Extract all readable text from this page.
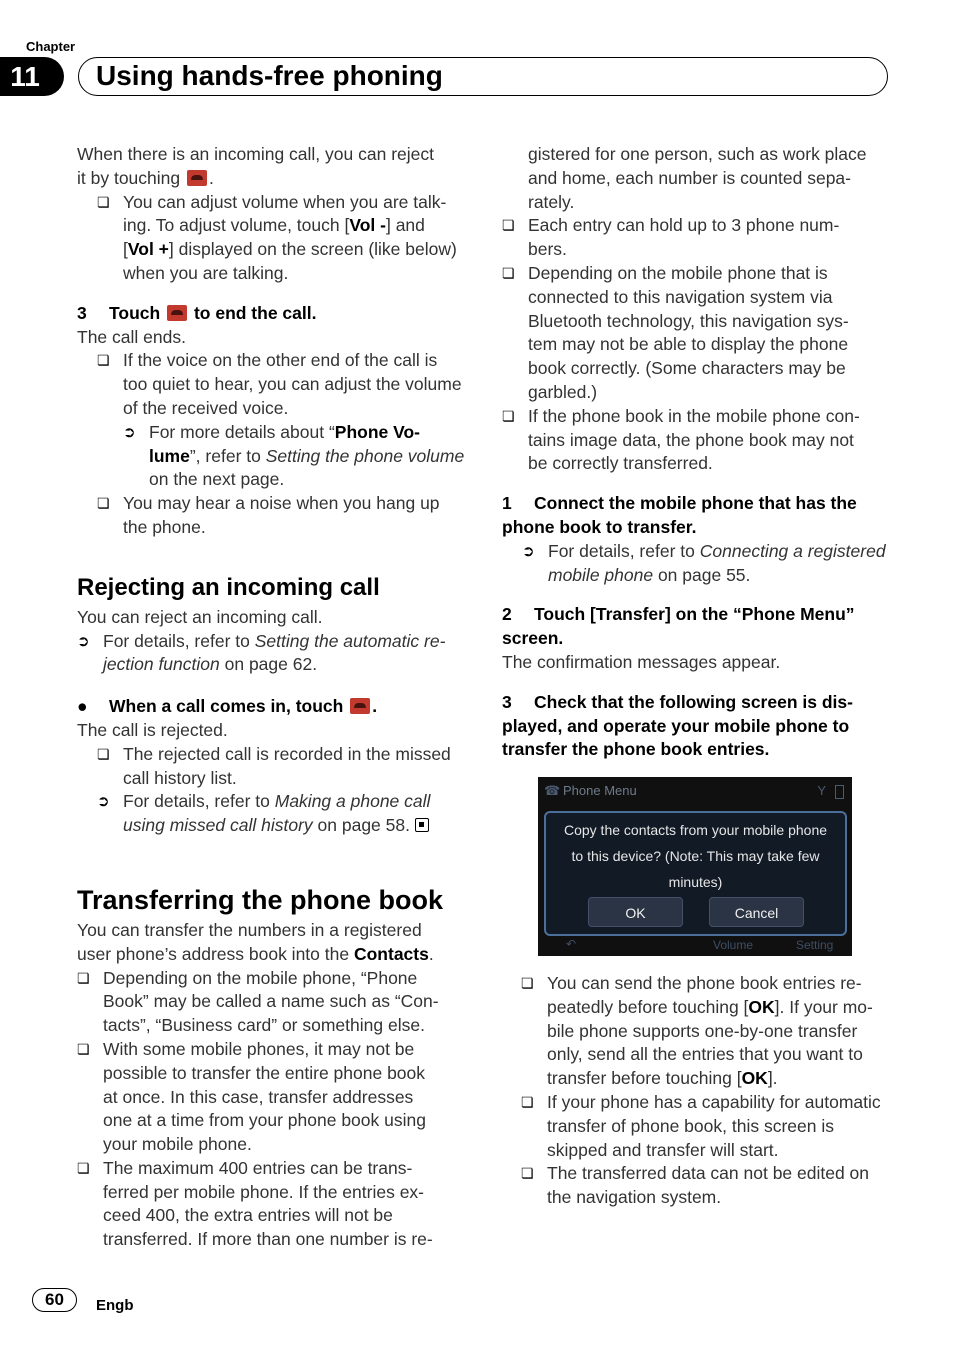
Chapter
11	Using hands-free phoning

When there is an incoming call, you can reject
it by touching .

❏ You can adjust volume when you are talk-
ing. To adjust volume, touch [Vol -] and
[Vol +] displayed on the screen (like below)
when you are talking.

3 Touch to end the call.

The call ends.

❏ If the voice on the other end of the call is
too quiet to hear, you can adjust the volume
of the received voice.

➲ For more details about “Phone Vo-
lume”, refer to Setting the phone volume
on the next page.

❏ You may hear a noise when you hang up
the phone.

Rejecting an incoming call

You can reject an incoming call.

➲ For details, refer to Setting the automatic re-
jection function on page 62.

● When a call comes in, touch .

The call is rejected.

❏ The rejected call is recorded in the missed
call history list.

➲ For details, refer to Making a phone call
using missed call history on page 58.

Transferring the phone book

You can transfer the numbers in a registered
user phone’s address book into the Contacts.

❏ Depending on the mobile phone, “Phone
Book” may be called a name such as “Con-
tacts”, “Business card” or something else.

❏ With some mobile phones, it may not be
possible to transfer the entire phone book
at once. In this case, transfer addresses
one at a time from your phone book using
your mobile phone.

❏ The maximum 400 entries can be trans-
ferred per mobile phone. If the entries ex-
ceed 400, the extra entries will not be
transferred. If more than one number is re-

gistered for one person, such as work place
and home, each number is counted sepa-
rately.

❏ Each entry can hold up to 3 phone num-
bers.

❏ Depending on the mobile phone that is
connected to this navigation system via
Bluetooth technology, this navigation sys-
tem may not be able to display the phone
book correctly. (Some characters may be
garbled.)

❏ If the phone book in the mobile phone con-
tains image data, the phone book may not
be correctly transferred.

1 Connect the mobile phone that has the
phone book to transfer.

➲ For details, refer to Connecting a registered
mobile phone on page 55.

2 Touch [Transfer] on the “Phone Menu”
screen.

The confirmation messages appear.

3 Check that the following screen is dis-
played, and operate your mobile phone to
transfer the phone book entries.

☎ Phone Menu	Y
Copy the contacts from your mobile phone
to this device? (Note: This may take few
minutes)
OK	Cancel
↶	Volume	Setting

❏ You can send the phone book entries re-
peatedly before touching [OK]. If your mo-
bile phone supports one-by-one transfer
only, send all the entries that you want to
transfer before touching [OK].

❏ If your phone has a capability for automatic
transfer of phone book, this screen is
skipped and transfer will start.

❏ The transferred data can not be edited on
the navigation system.

60	Engb
